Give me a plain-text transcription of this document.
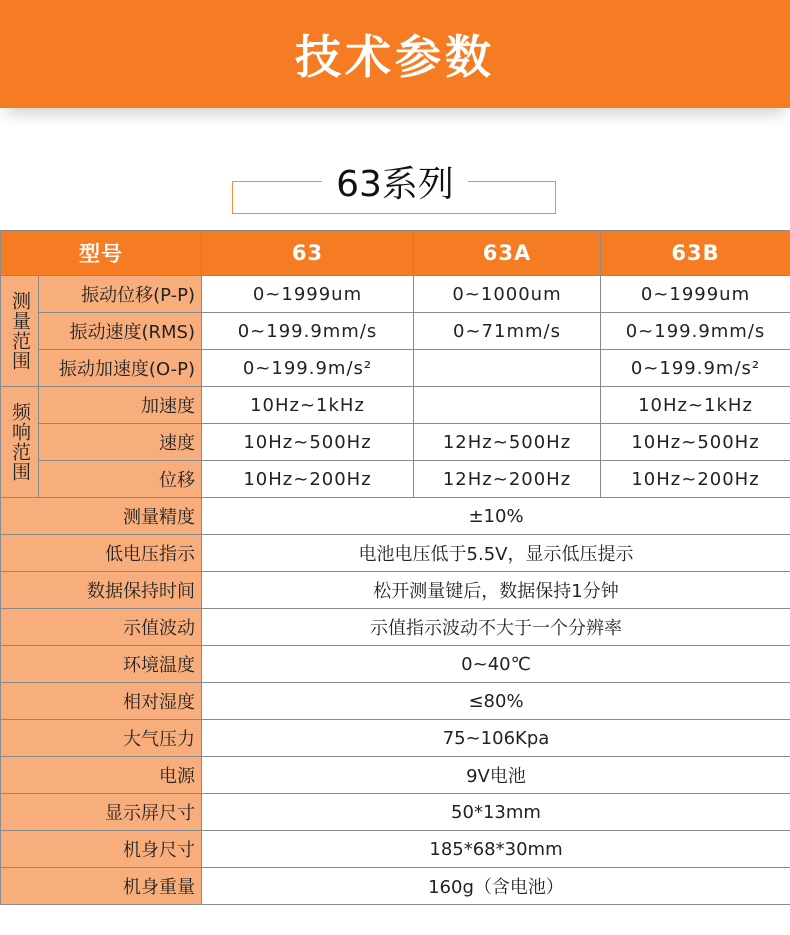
技术参数
63系列
型号		63	63A	63B
测量范围	振动位移(P-P)	0~1999um	0~1000um	0~1999um
	振动速度(RMS)	0~199.9mm/s	0~71mm/s	0~199.9mm/s
	振动加速度(O-P)	0~199.9m/s²		0~199.9m/s²
频响范围	加速度	10Hz~1kHz		10Hz~1kHz
	速度	10Hz~500Hz	12Hz~500Hz	10Hz~500Hz
	位移	10Hz~200Hz	12Hz~200Hz	10Hz~200Hz
测量精度		±10%		
低电压指示		电池电压低于5.5V，显示低压提示		
数据保持时间		松开测量键后，数据保持1分钟		
示值波动		示值指示波动不大于一个分辨率		
环境温度		0~40℃		
相对湿度		≤80%		
大气压力		75~106Kpa		
电源		9V电池		
显示屏尺寸		50*13mm		
机身尺寸		185*68*30mm		
机身重量		160g（含电池）		
